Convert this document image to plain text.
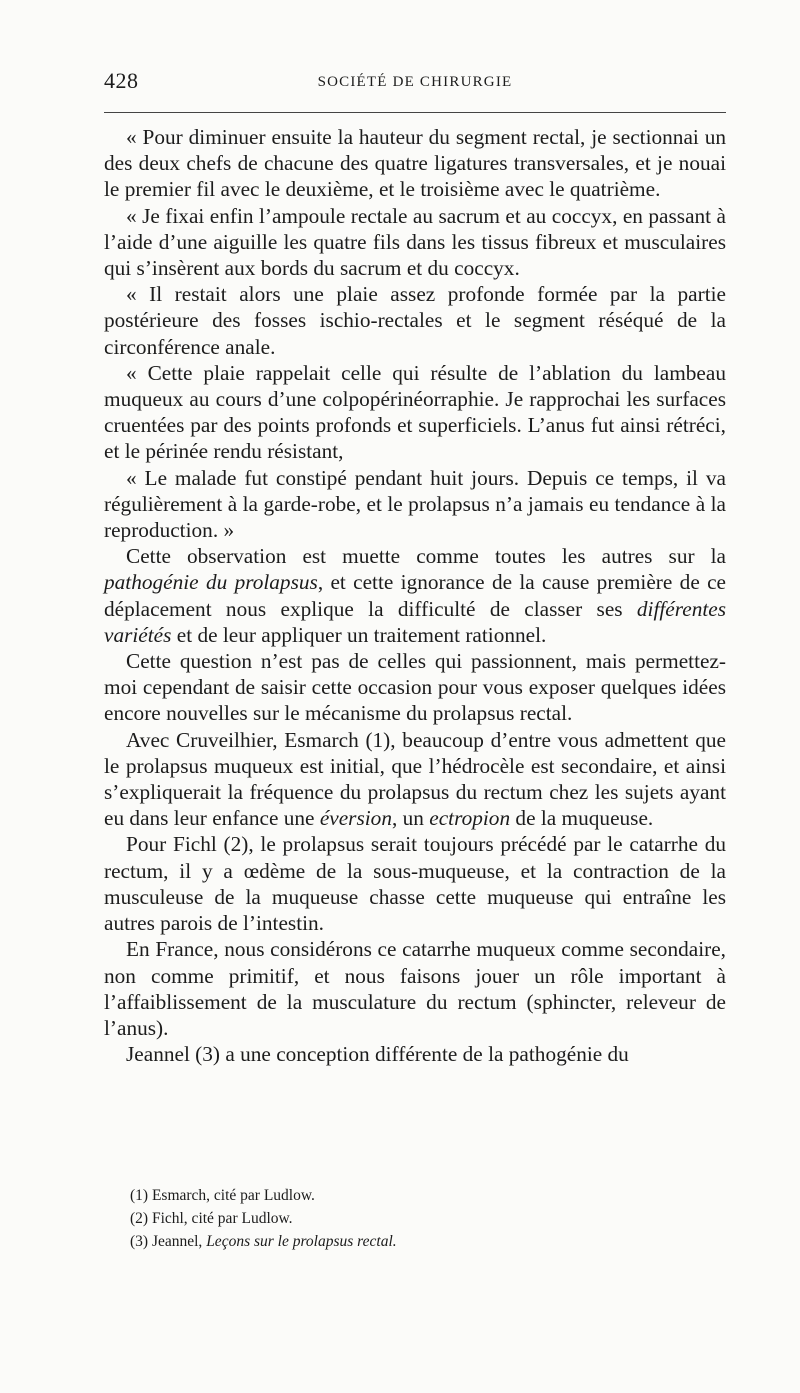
428	SOCIÉTÉ DE CHIRURGIE

« Pour diminuer ensuite la hauteur du segment rectal, je sectionnai un des deux chefs de chacune des quatre ligatures transversales, et je nouai le premier fil avec le deuxième, et le troisième avec le quatrième.

« Je fixai enfin l’ampoule rectale au sacrum et au coccyx, en passant à l’aide d’une aiguille les quatre fils dans les tissus fibreux et musculaires qui s’insèrent aux bords du sacrum et du coccyx.

« Il restait alors une plaie assez profonde formée par la partie postérieure des fosses ischio-rectales et le segment réséqué de la circonférence anale.

« Cette plaie rappelait celle qui résulte de l’ablation du lambeau muqueux au cours d’une colpopérinéorraphie. Je rapprochai les surfaces cruentées par des points profonds et superficiels. L’anus fut ainsi rétréci, et le périnée rendu résistant,

« Le malade fut constipé pendant huit jours. Depuis ce temps, il va régulièrement à la garde-robe, et le prolapsus n’a jamais eu tendance à la reproduction. »

Cette observation est muette comme toutes les autres sur la pathogénie du prolapsus, et cette ignorance de la cause première de ce déplacement nous explique la difficulté de classer ses différentes variétés et de leur appliquer un traitement rationnel.

Cette question n’est pas de celles qui passionnent, mais permettez-moi cependant de saisir cette occasion pour vous exposer quelques idées encore nouvelles sur le mécanisme du prolapsus rectal.

Avec Cruveilhier, Esmarch (1), beaucoup d’entre vous admettent que le prolapsus muqueux est initial, que l’hédrocèle est secondaire, et ainsi s’expliquerait la fréquence du prolapsus du rectum chez les sujets ayant eu dans leur enfance une éversion, un ectropion de la muqueuse.

Pour Fichl (2), le prolapsus serait toujours précédé par le catarrhe du rectum, il y a œdème de la sous-muqueuse, et la contraction de la musculeuse de la muqueuse chasse cette muqueuse qui entraîne les autres parois de l’intestin.

En France, nous considérons ce catarrhe muqueux comme secondaire, non comme primitif, et nous faisons jouer un rôle important à l’affaiblissement de la musculature du rectum (sphincter, releveur de l’anus).

Jeannel (3) a une conception différente de la pathogénie du

(1) Esmarch, cité par Ludlow.

(2) Fichl, cité par Ludlow.

(3) Jeannel, Leçons sur le prolapsus rectal.
